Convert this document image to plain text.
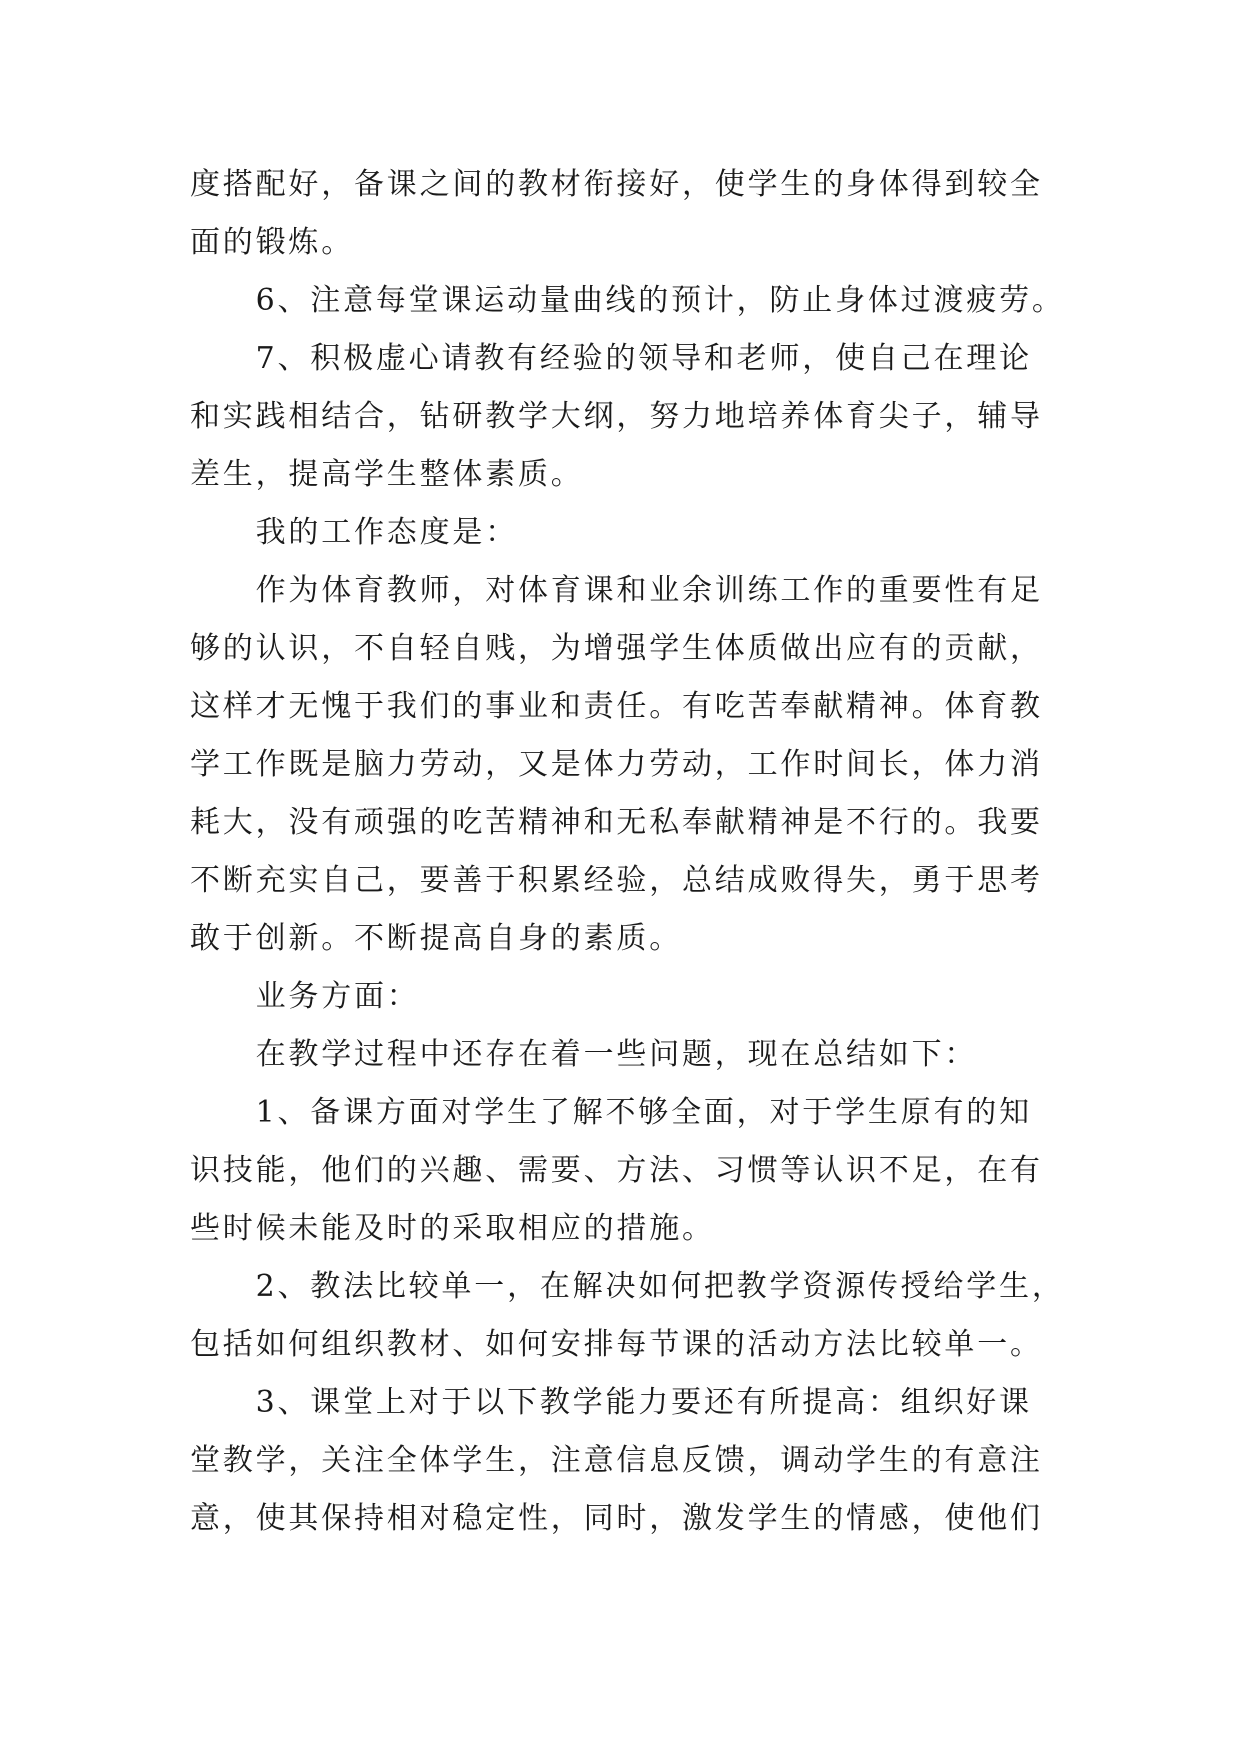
度搭配好，备课之间的教材衔接好，使学生的身体得到较全
面的锻炼。
　　6、注意每堂课运动量曲线的预计，防止身体过渡疲劳。
　　7、积极虚心请教有经验的领导和老师，使自己在理论
和实践相结合，钻研教学大纲，努力地培养体育尖子，辅导
差生，提高学生整体素质。
　　我的工作态度是：
　　作为体育教师，对体育课和业余训练工作的重要性有足
够的认识，不自轻自贱，为增强学生体质做出应有的贡献，
这样才无愧于我们的事业和责任。有吃苦奉献精神。体育教
学工作既是脑力劳动，又是体力劳动，工作时间长，体力消
耗大，没有顽强的吃苦精神和无私奉献精神是不行的。我要
不断充实自己，要善于积累经验，总结成败得失，勇于思考
敢于创新。不断提高自身的素质。
　　业务方面：
　　在教学过程中还存在着一些问题，现在总结如下：
　　1、备课方面对学生了解不够全面，对于学生原有的知
识技能，他们的兴趣、需要、方法、习惯等认识不足，在有
些时候未能及时的采取相应的措施。
　　2、教法比较单一，在解决如何把教学资源传授给学生，
包括如何组织教材、如何安排每节课的活动方法比较单一。
　　3、课堂上对于以下教学能力要还有所提高：组织好课
堂教学，关注全体学生，注意信息反馈，调动学生的有意注
意，使其保持相对稳定性，同时，激发学生的情感，使他们
